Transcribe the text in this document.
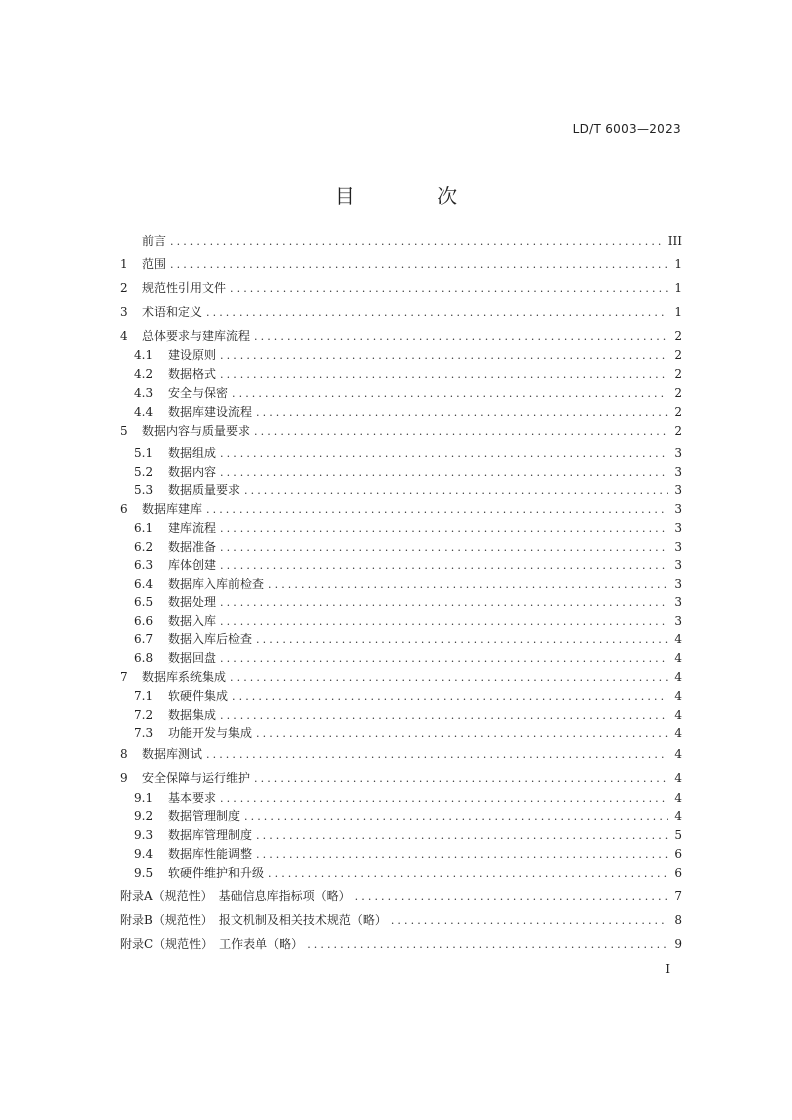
LD/T 6003—2023
目 次
前言 . . .	III
1	范围 . . .	1
2	规范性引用文件 . . .	1
3	术语和定义 . . .	1
4	总体要求与建库流程 . . .	2
4.1	建设原则 . . .	2
4.2	数据格式 . . .	2
4.3	安全与保密 . . .	2
4.4	数据库建设流程 . . .	2
5	数据内容与质量要求 . . .	2
5.1	数据组成 . . .	3
5.2	数据内容 . . .	3
5.3	数据质量要求 . . .	3
6	数据库建库 . . .	3
6.1	建库流程 . . .	3
6.2	数据准备 . . .	3
6.3	库体创建 . . .	3
6.4	数据库入库前检查 . . .	3
6.5	数据处理 . . .	3
6.6	数据入库 . . .	3
6.7	数据入库后检查 . . .	4
6.8	数据回盘 . . .	4
7	数据库系统集成 . . .	4
7.1	软硬件集成 . . .	4
7.2	数据集成 . . .	4
7.3	功能开发与集成 . . .	4
8	数据库测试 . . .	4
9	安全保障与运行维护 . . .	4
9.1	基本要求 . . .	4
9.2	数据管理制度 . . .	4
9.3	数据库管理制度 . . .	5
9.4	数据库性能调整 . . .	6
9.5	软硬件维护和升级 . . .	6
附录A（规范性）　基础信息库指标项（略） . . .	7
附录B（规范性）　报文机制及相关技术规范（略） . . .	8
附录C（规范性）　工作表单（略） . . .	9
I
